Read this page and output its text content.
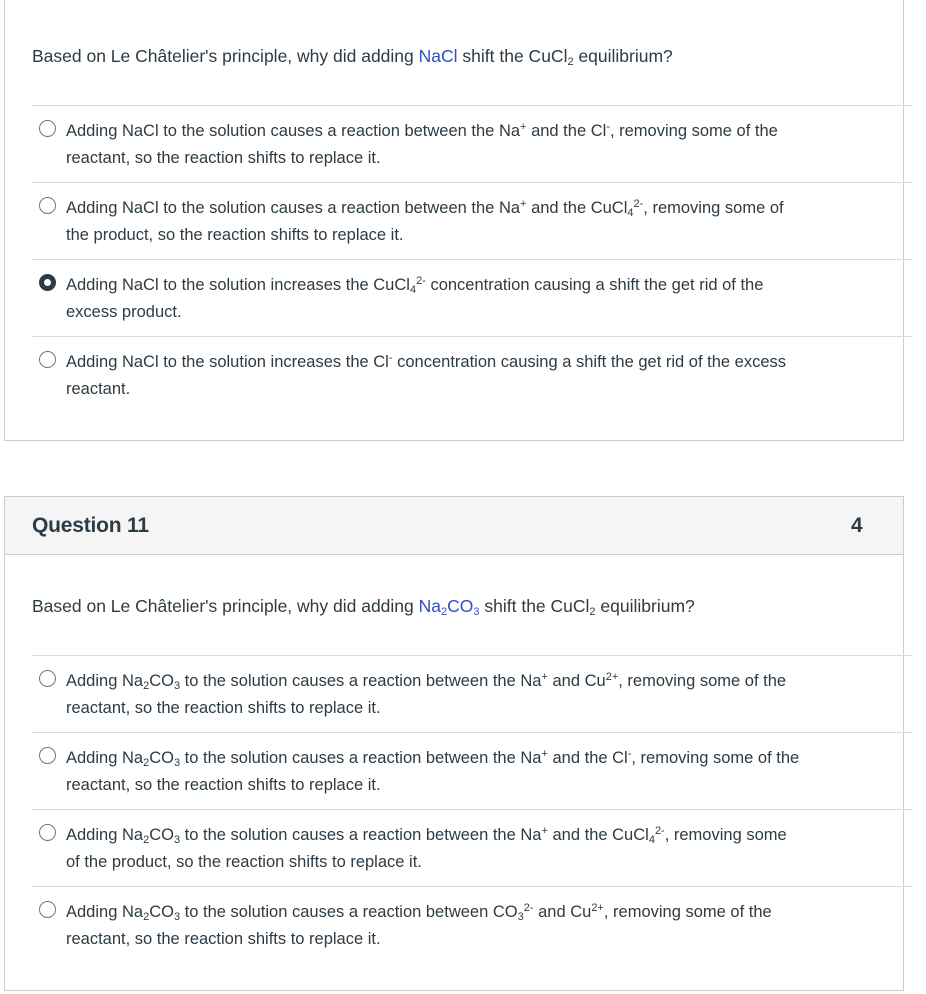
Based on Le Châtelier's principle, why did adding NaCl shift the CuCl$_2$ equilibrium?
Adding NaCl to the solution causes a reaction between the Na+ and the Cl-, removing some of the
reactant, so the reaction shifts to replace it.
Adding NaCl to the solution causes a reaction between the Na+ and the CuCl$_4^{2-}$, removing some of
the product, so the reaction shifts to replace it.
Adding NaCl to the solution increases the CuCl$_4^{2-}$ concentration causing a shift the get rid of the
excess product.
Adding NaCl to the solution increases the Cl- concentration causing a shift the get rid of the excess
reactant.
Question 11	4
Based on Le Châtelier's principle, why did adding $Na_2CO_3$ shift the CuCl$_2$ equilibrium?
Adding $Na_2CO_3$ to the solution causes a reaction between the Na+ and $Cu^{2+}$, removing some of the
reactant, so the reaction shifts to replace it.
Adding $Na_2CO_3$ to the solution causes a reaction between the Na+ and the Cl-, removing some of the
reactant, so the reaction shifts to replace it.
Adding $Na_2CO_3$ to the solution causes a reaction between the Na+ and the CuCl$_4^{2-}$, removing some
of the product, so the reaction shifts to replace it.
Adding $Na_2CO_3$ to the solution causes a reaction between $CO_3^{2-}$ and $Cu^{2+}$, removing some of the
reactant, so the reaction shifts to replace it.
